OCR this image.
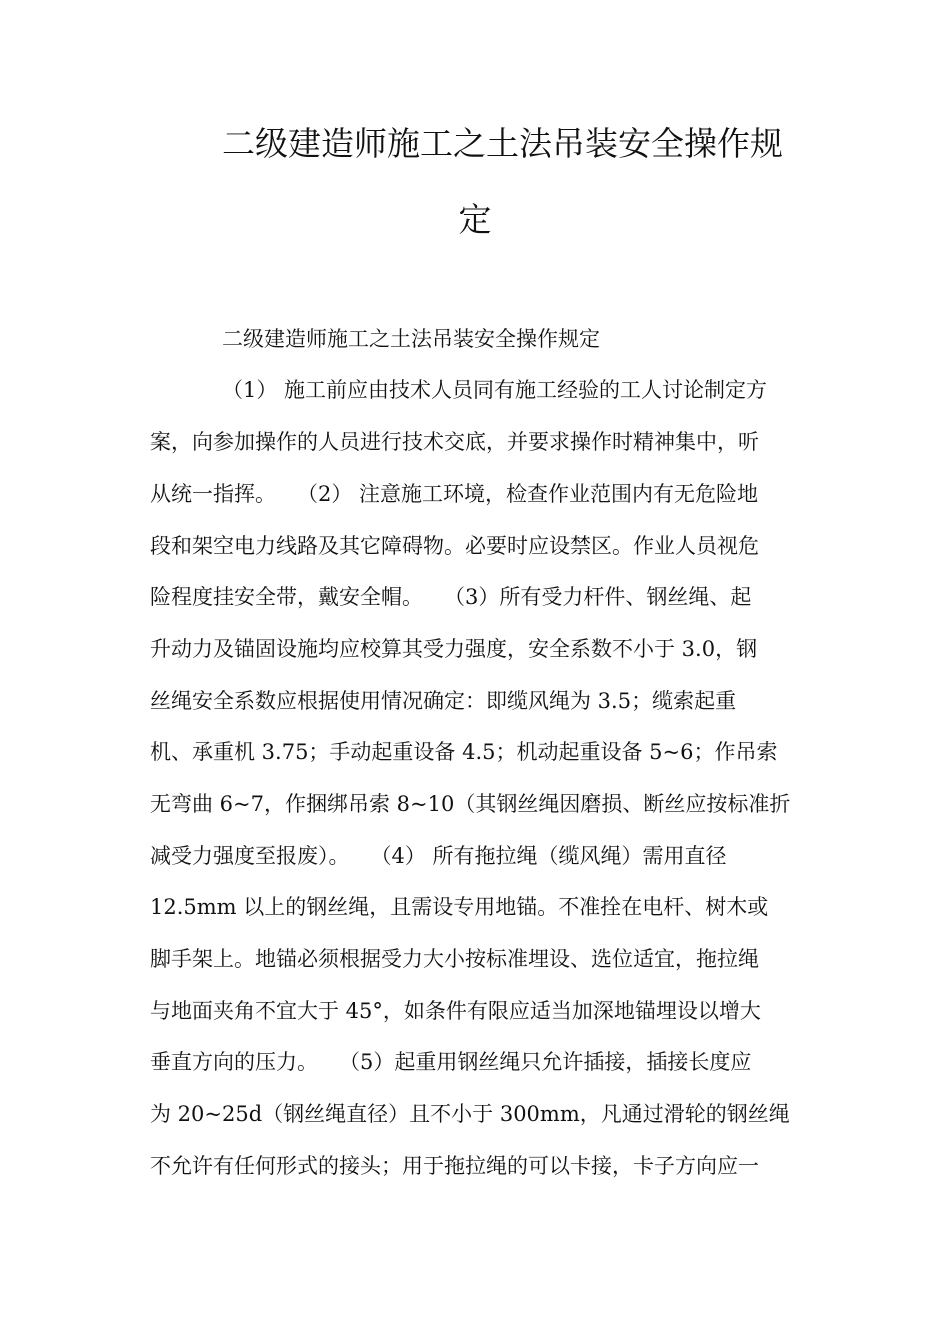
二级建造师施工之土法吊装安全操作规
定

二级建造师施工之土法吊装安全操作规定

（1） 施工前应由技术人员同有施工经验的工人讨论制定方

案，向参加操作的人员进行技术交底，并要求操作时精神集中，听

从统一指挥。　　（2） 注意施工环境，检查作业范围内有无危险地

段和架空电力线路及其它障碍物。必要时应设禁区。作业人员视危

险程度挂安全带，戴安全帽。　　（3）所有受力杆件、钢丝绳、起

升动力及锚固设施均应校算其受力强度，安全系数不小于 3.0，钢

丝绳安全系数应根据使用情况确定：即缆风绳为 3.5；缆索起重

机、承重机 3.75；手动起重设备 4.5；机动起重设备 5~6；作吊索

无弯曲 6~7，作捆绑吊索 8~10（其钢丝绳因磨损、断丝应按标准折

减受力强度至报废）。　　（4） 所有拖拉绳（缆风绳）需用直径

12.5mm 以上的钢丝绳，且需设专用地锚。不准拴在电杆、树木或

脚手架上。地锚必须根据受力大小按标准埋设、选位适宜，拖拉绳

与地面夹角不宜大于 45°，如条件有限应适当加深地锚埋设以增大

垂直方向的压力。　　（5）起重用钢丝绳只允许插接，插接长度应

为 20~25d（钢丝绳直径）且不小于 300mm，凡通过滑轮的钢丝绳

不允许有任何形式的接头；用于拖拉绳的可以卡接，卡子方向应一
